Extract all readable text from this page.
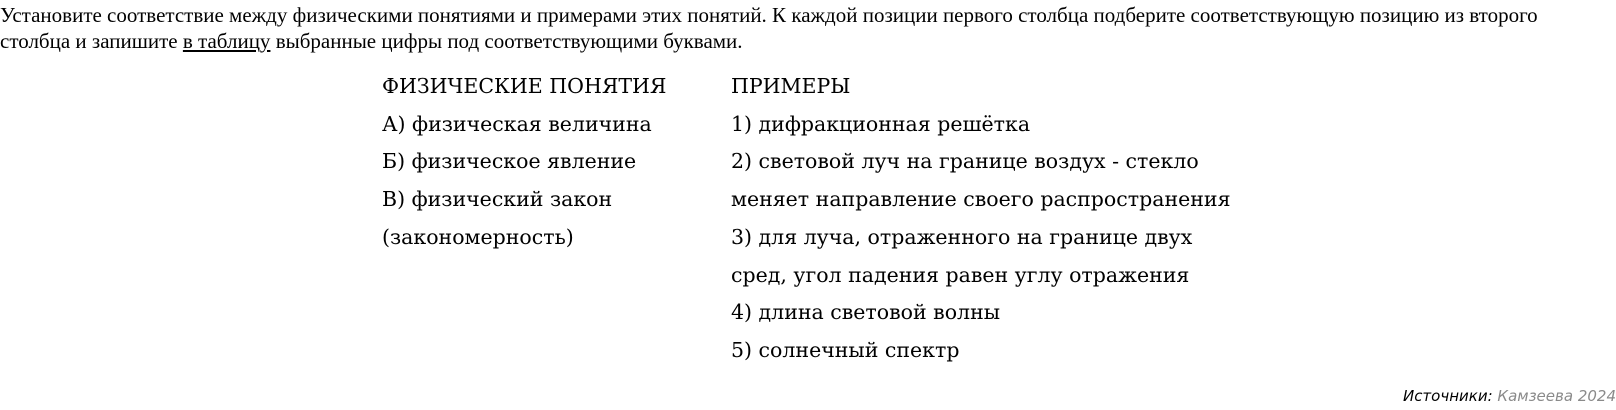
Установите соответствие между физическими понятиями и примерами этих понятий. К каждой позиции первого столбца подберите соответствующую позицию из второго столбца и запишите в таблицу выбранные цифры под соответствующими буквами.
ФИЗИЧЕСКИЕ ПОНЯТИЯ
А) физическая величина
Б) физическое явление
В) физический закон
(закономерность)
ПРИМЕРЫ
1) дифракционная решётка
2) световой луч на границе воздух - стекло
меняет направление своего распространения
3) для луча, отраженного на границе двух
сред, угол падения равен углу отражения
4) длина световой волны
5) солнечный спектр
Источники: Камзеева 2024
